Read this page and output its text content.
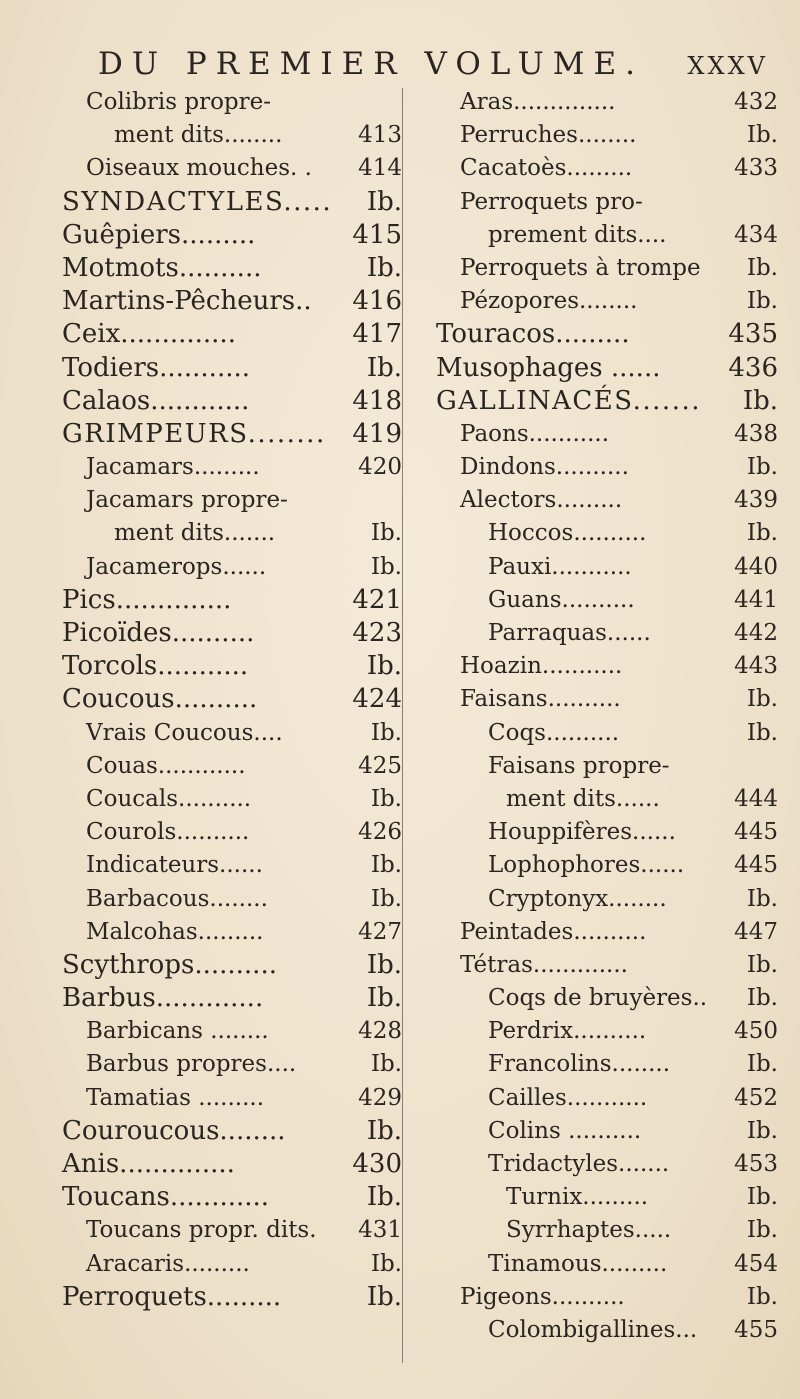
DU PREMIER VOLUME. XXXV
Colibris propre-
ment dits........	413
Oiseaux mouches. . 414
SYNDACTYLES..... Ib.
Guêpiers.........	415
Motmots..........	Ib.
Martins-Pêcheurs.. 416
Ceix..............	417
Todiers...........	Ib.
Calaos............	418
GRIMPEURS........ 419
Jacamars.........	420
Jacamars propre-
ment dits.......	Ib.
Jacamerops......	Ib.
Pics..............	421
Picoïdes..........	423
Torcols...........	Ib.
Coucous..........	424
Vrais Coucous....	Ib.
Couas............	425
Coucals..........	Ib.
Courols..........	426
Indicateurs......	Ib.
Barbacous........	Ib.
Malcohas.........	427
Scythrops..........	Ib.
Barbus.............	Ib.
Barbicans ........	428
Barbus propres....	Ib.
Tamatias .........	429
Couroucous........	Ib.
Anis..............	430
Toucans............	Ib.
Toucans propr. dits. 431
Aracaris.........	Ib.
Perroquets.........	Ib.
Aras..............	432
Perruches........	Ib.
Cacatoès.........	433
Perroquets pro-
prement dits....	434
Perroquets à trompe Ib.
Pézopores........	Ib.
Touracos.........	435
Musophages ......	436
GALLINACÉS....... Ib.
Paons...........	438
Dindons..........	Ib.
Alectors.........	439
Hoccos..........	Ib.
Pauxi...........	440
Guans..........	441
Parraquas......	442
Hoazin...........	443
Faisans..........	Ib.
Coqs..........	Ib.
Faisans propre-
ment dits......	444
Houppifères......	445
Lophophores...... 445
Cryptonyx........	Ib.
Peintades..........	447
Tétras.............	Ib.
Coqs de bruyères.. Ib.
Perdrix..........	450
Francolins........	Ib.
Cailles...........	452
Colins ..........	Ib.
Tridactyles.......	453
Turnix.........	Ib.
Syrrhaptes.....	Ib.
Tinamous.........	454
Pigeons..........	Ib.
Colombigallines... 455
